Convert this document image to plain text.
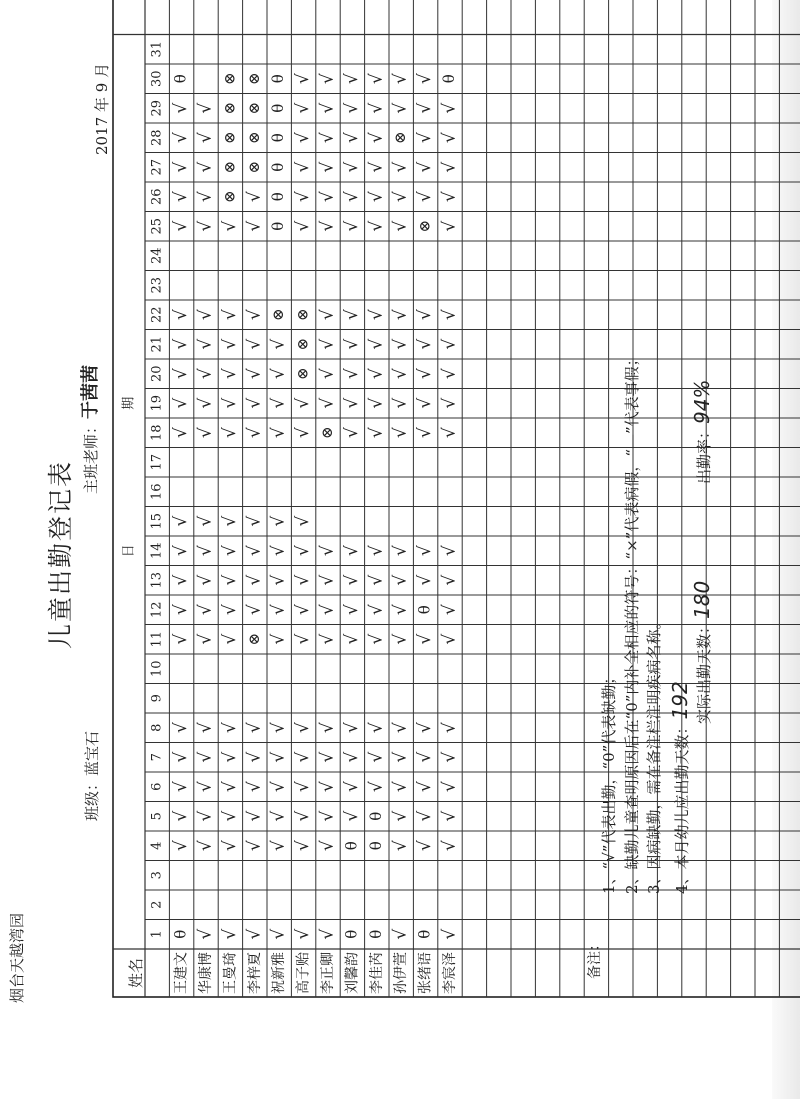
烟台天越湾园
儿童出勤登记表
班级：蓝宝石
主班老师：于茜茜
2017 年 9 月
姓名
日
期
1
2
3
4
5
6
7
8
9
10
11
12
13
14
15
16
17
18
19
20
21
22
23
24
25
26
27
28
29
30
31
王建文
θ
√
√
√
√
√
√
√
√
√
√
√
√
√
√
√
√
√
√
√
√
θ
华康博
√
√
√
√
√
√
√
√
√
√
√
√
√
√
√
√
√
√
√
√
√
王曼琦
√
√
√
√
√
√
√
√
√
√
√
√
√
√
√
√
√
⊗
⊗
⊗
⊗
⊗
李梓夏
√
√
√
√
√
√
⊗
√
√
√
√
√
√
√
√
√
√
√
⊗
⊗
⊗
⊗
祝新雅
√
√
√
√
√
√
√
√
√
√
√
√
√
√
√
⊗
θ
θ
θ
θ
θ
θ
高子贻
√
√
√
√
√
√
√
√
√
√
√
√
√
⊗
⊗
⊗
√
√
√
√
√
√
李正卿
√
√
√
√
√
√
√
√
√
√
⊗
√
√
√
√
√
√
√
√
√
√
刘馨韵
θ
θ
√
√
√
√
√
√
√
√
√
√
√
√
√
√
√
√
√
√
√
李佳芮
θ
θ
θ
√
√
√
√
√
√
√
√
√
√
√
√
√
√
√
√
√
√
孙伊萱
√
√
√
√
√
√
√
√
√
√
√
√
√
√
√
√
√
√
⊗
√
√
张绪语
θ
√
√
√
√
√
√
θ
√
√
√
√
√
√
√
⊗
√
√
√
√
√
李宸泽
√
√
√
√
√
√
√
√
√
√
√
√
√
√
√
√
√
√
√
√
θ
备注：
1、“√”代表出勤，“0”代表缺勤； 2、缺勤儿童查明原因后在“0”内补全相应的符号：“×”代表病假，“—”代表事假； 3、因病缺勤，需在备注栏注明疾病名称。 4、本月幼儿应出勤天数：192 实际出勤天数：180
出勤率：94%
